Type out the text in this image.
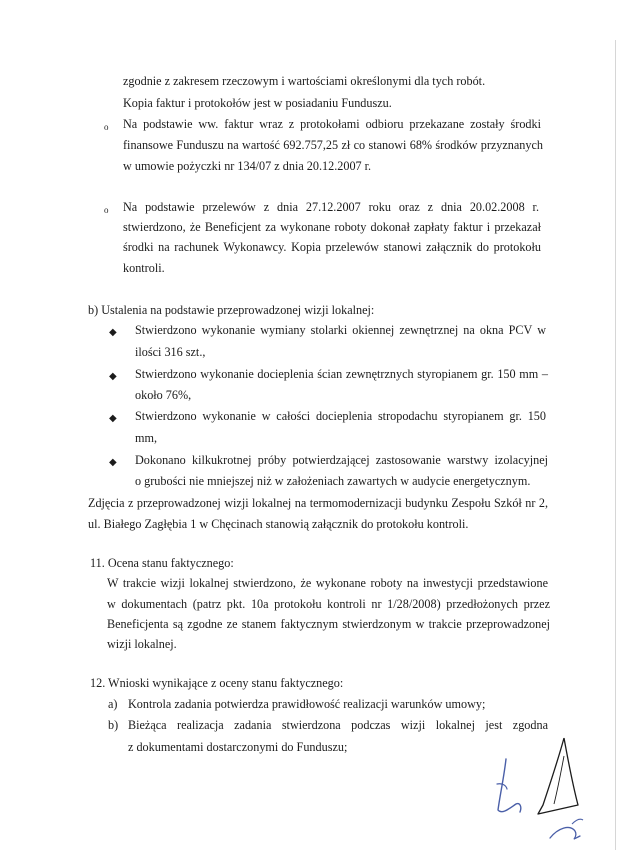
zgodnie z zakresem rzeczowym i wartościami określonymi dla tych robót.
Kopia faktur i protokołów jest w posiadaniu Funduszu.
o Na podstawie ww. faktur wraz z protokołami odbioru przekazane zostały środki
finansowe Funduszu na wartość 692.757,25 zł co stanowi 68% środków przyznanych
w umowie pożyczki nr 134/07 z dnia 20.12.2007 r.
o Na podstawie przelewów z dnia 27.12.2007 roku oraz z dnia 20.02.2008 r.
stwierdzono, że Beneficjent za wykonane roboty dokonał zapłaty faktur i przekazał
środki na rachunek Wykonawcy. Kopia przelewów stanowi załącznik do protokołu
kontroli.
b) Ustalenia na podstawie przeprowadzonej wizji lokalnej:
◆ Stwierdzono wykonanie wymiany stolarki okiennej zewnętrznej na okna PCV w
ilości 316 szt.,
◆ Stwierdzono wykonanie docieplenia ścian zewnętrznych styropianem gr. 150 mm –
około 76%,
◆ Stwierdzono wykonanie w całości docieplenia stropodachu styropianem gr. 150
mm,
◆ Dokonano kilkukrotnej próby potwierdzającej zastosowanie warstwy izolacyjnej
o grubości nie mniejszej niż w założeniach zawartych w audycie energetycznym.
Zdjęcia z przeprowadzonej wizji lokalnej na termomodernizacji budynku Zespołu Szkół nr 2,
ul. Białego Zagłębia 1 w Chęcinach stanowią załącznik do protokołu kontroli.
11. Ocena stanu faktycznego:
W trakcie wizji lokalnej stwierdzono, że wykonane roboty na inwestycji przedstawione
w dokumentach (patrz pkt. 10a protokołu kontroli nr 1/28/2008) przedłożonych przez
Beneficjenta są zgodne ze stanem faktycznym stwierdzonym w trakcie przeprowadzonej
wizji lokalnej.
12. Wnioski wynikające z oceny stanu faktycznego:
a) Kontrola zadania potwierdza prawidłowość realizacji warunków umowy;
b) Bieżąca realizacja zadania stwierdzona podczas wizji lokalnej jest zgodna
z dokumentami dostarczonymi do Funduszu;
